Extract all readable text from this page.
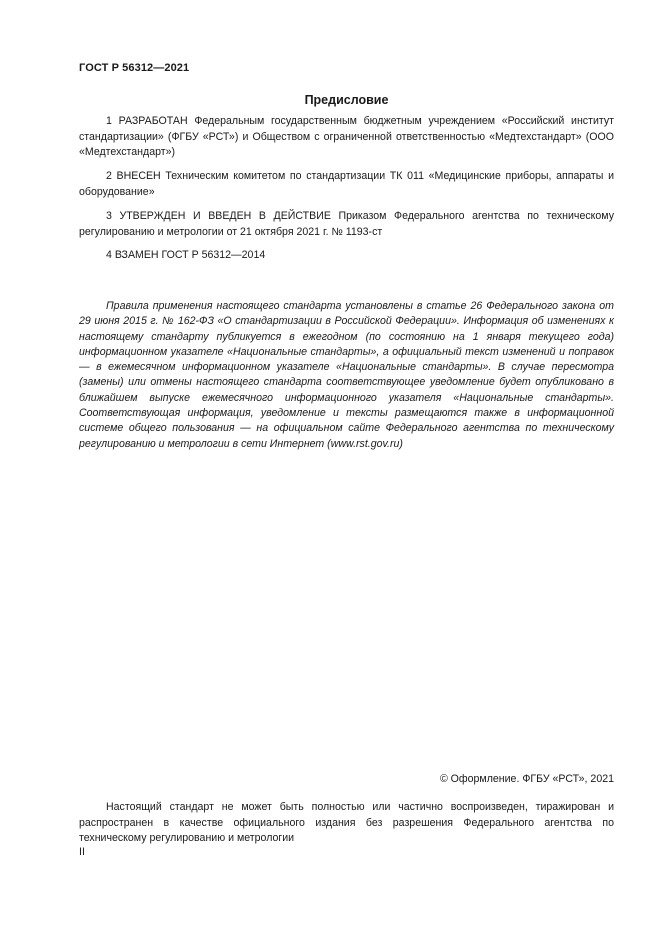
ГОСТ Р 56312—2021
Предисловие

1 РАЗРАБОТАН Федеральным государственным бюджетным учреждением «Российский институт стандартизации» (ФГБУ «РСТ») и Обществом с ограниченной ответственностью «Медтехстандарт» (ООО «Медтехстандарт»)

2 ВНЕСЕН Техническим комитетом по стандартизации ТК 011 «Медицинские приборы, аппараты и оборудование»

3 УТВЕРЖДЕН И ВВЕДЕН В ДЕЙСТВИЕ Приказом Федерального агентства по техническому регулированию и метрологии от 21 октября 2021 г. № 1193-ст

4 ВЗАМЕН ГОСТ Р 56312—2014

Правила применения настоящего стандарта установлены в статье 26 Федерального закона от 29 июня 2015 г. № 162-ФЗ «О стандартизации в Российской Федерации». Информация об изменениях к настоящему стандарту публикуется в ежегодном (по состоянию на 1 января текущего года) информационном указателе «Национальные стандарты», а официальный текст изменений и поправок — в ежемесячном информационном указателе «Национальные стандарты». В случае пересмотра (замены) или отмены настоящего стандарта соответствующее уведомление будет опубликовано в ближайшем выпуске ежемесячного информационного указателя «Национальные стандарты». Соответствующая информация, уведомление и тексты размещаются также в информационной системе общего пользования — на официальном сайте Федерального агентства по техническому регулированию и метрологии в сети Интернет (www.rst.gov.ru)

© Оформление. ФГБУ «РСТ», 2021

Настоящий стандарт не может быть полностью или частично воспроизведен, тиражирован и распространен в качестве официального издания без разрешения Федерального агентства по техническому регулированию и метрологии

II
